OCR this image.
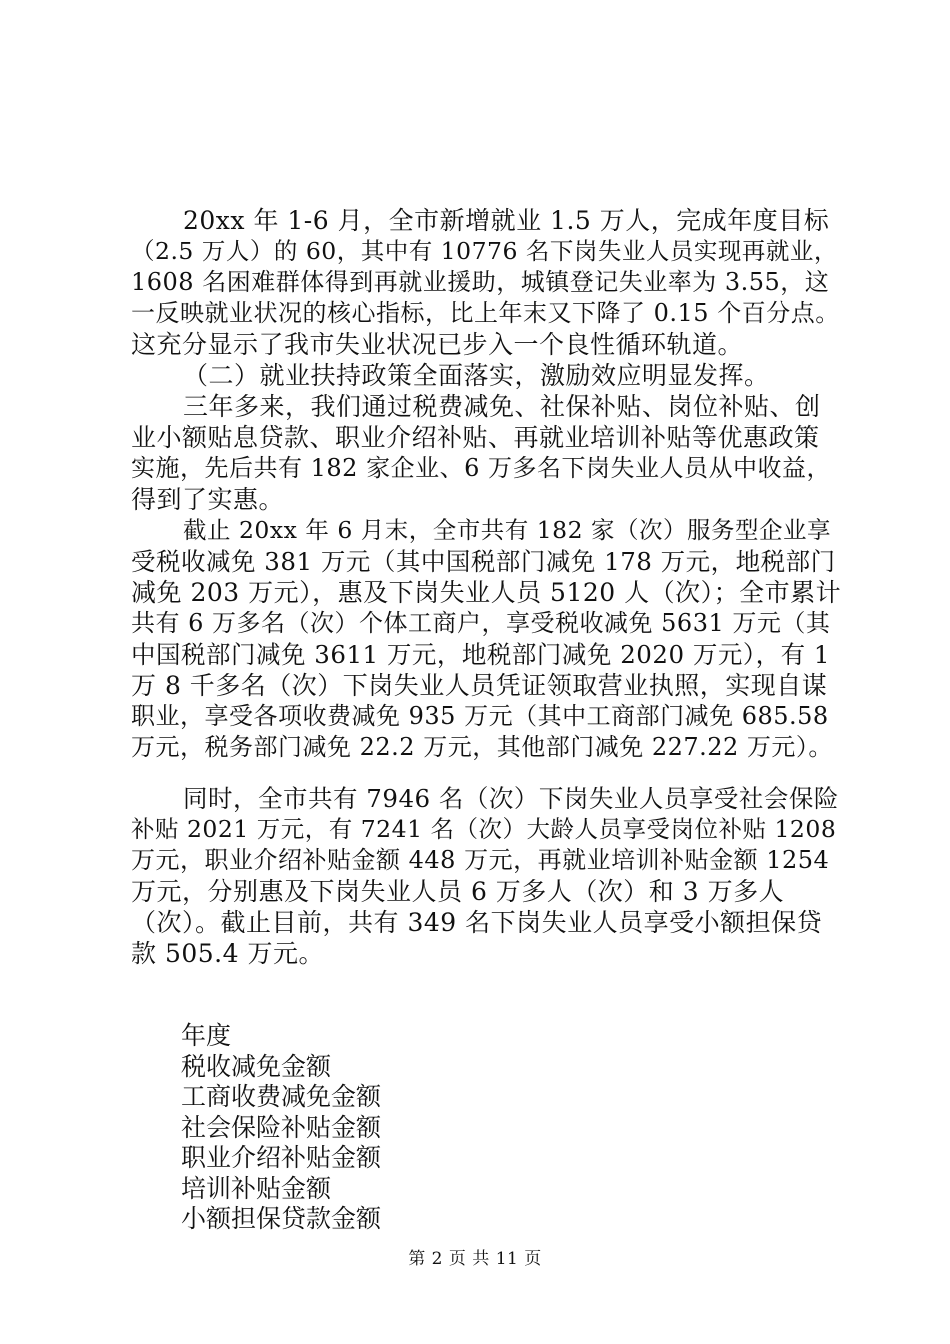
20xx 年 1-6 月，全市新增就业 1.5 万人，完成年度目标
（2.5 万人）的 60，其中有 10776 名下岗失业人员实现再就业，
1608 名困难群体得到再就业援助，城镇登记失业率为 3.55，这
一反映就业状况的核心指标，比上年末又下降了 0.15 个百分点。
这充分显示了我市失业状况已步入一个良性循环轨道。
（二）就业扶持政策全面落实，激励效应明显发挥。
三年多来，我们通过税费减免、社保补贴、岗位补贴、创
业小额贴息贷款、职业介绍补贴、再就业培训补贴等优惠政策
实施，先后共有 182 家企业、6 万多名下岗失业人员从中收益，
得到了实惠。
截止 20xx 年 6 月末，全市共有 182 家（次）服务型企业享
受税收减免 381 万元（其中国税部门减免 178 万元，地税部门
减免 203 万元），惠及下岗失业人员 5120 人（次）；全市累计
共有 6 万多名（次）个体工商户，享受税收减免 5631 万元（其
中国税部门减免 3611 万元，地税部门减免 2020 万元），有 1
万 8 千多名（次）下岗失业人员凭证领取营业执照，实现自谋
职业，享受各项收费减免 935 万元（其中工商部门减免 685.58
万元，税务部门减免 22.2 万元，其他部门减免 227.22 万元）。
同时，全市共有 7946 名（次）下岗失业人员享受社会保险
补贴 2021 万元，有 7241 名（次）大龄人员享受岗位补贴 1208
万元，职业介绍补贴金额 448 万元，再就业培训补贴金额 1254
万元，分别惠及下岗失业人员 6 万多人（次）和 3 万多人
（次）。截止目前，共有 349 名下岗失业人员享受小额担保贷
款 505.4 万元。
年度
税收减免金额
工商收费减免金额
社会保险补贴金额
职业介绍补贴金额
培训补贴金额
小额担保贷款金额
第 2 页 共 11 页
